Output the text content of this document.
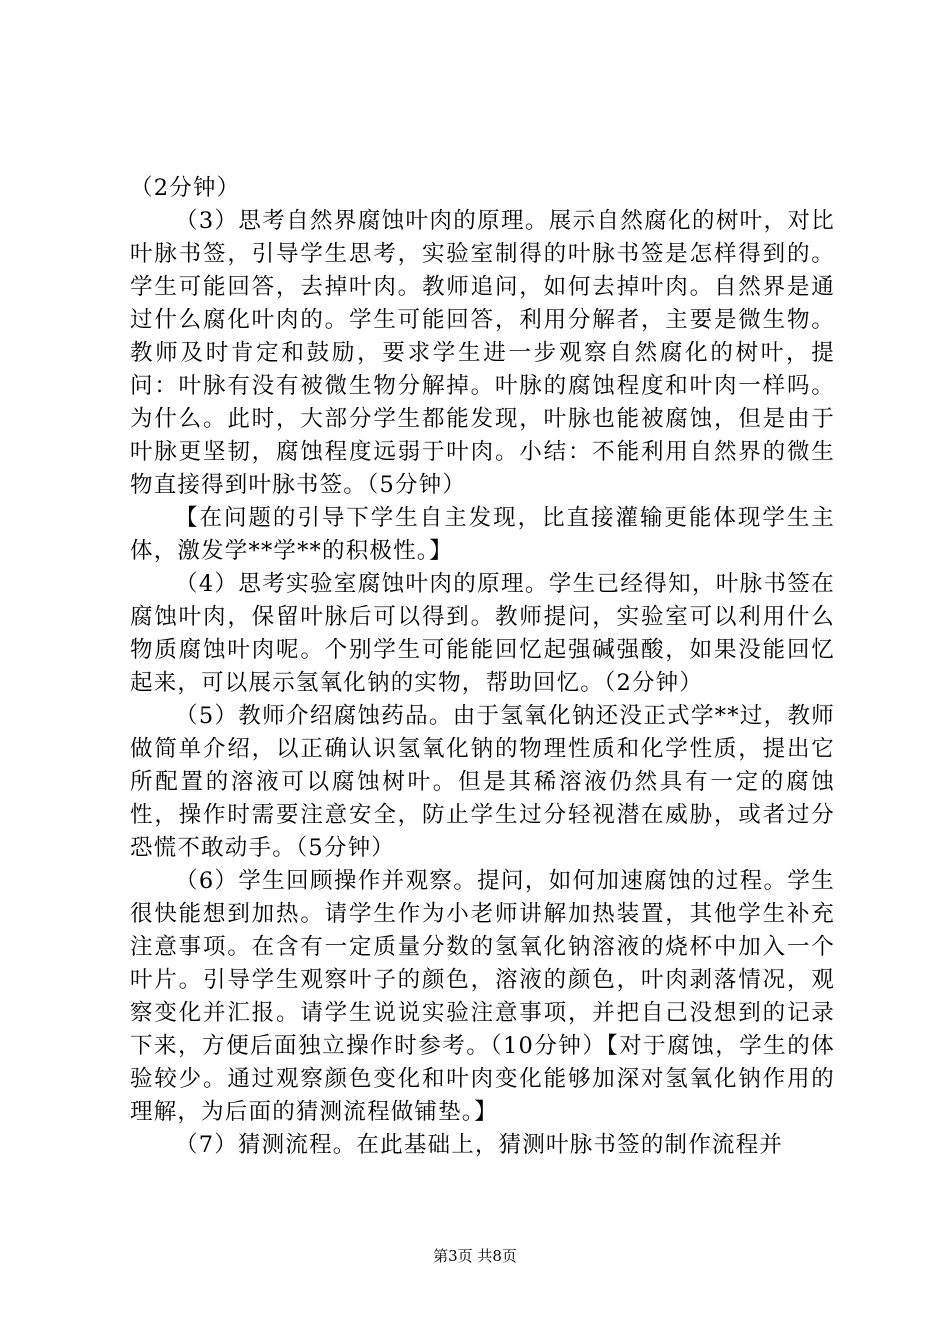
（2分钟）

（3）思考自然界腐蚀叶肉的原理。展示自然腐化的树叶，对比叶脉书签，引导学生思考，实验室制得的叶脉书签是怎样得到的。学生可能回答，去掉叶肉。教师追问，如何去掉叶肉。自然界是通过什么腐化叶肉的。学生可能回答，利用分解者，主要是微生物。教师及时肯定和鼓励，要求学生进一步观察自然腐化的树叶，提问：叶脉有没有被微生物分解掉。叶脉的腐蚀程度和叶肉一样吗。为什么。此时，大部分学生都能发现，叶脉也能被腐蚀，但是由于叶脉更坚韧，腐蚀程度远弱于叶肉。小结：不能利用自然界的微生物直接得到叶脉书签。（5分钟）

【在问题的引导下学生自主发现，比直接灌输更能体现学生主体，激发学**学**的积极性。】

（4）思考实验室腐蚀叶肉的原理。学生已经得知，叶脉书签在腐蚀叶肉，保留叶脉后可以得到。教师提问，实验室可以利用什么物质腐蚀叶肉呢。个别学生可能能回忆起强碱强酸，如果没能回忆起来，可以展示氢氧化钠的实物，帮助回忆。（2分钟）

（5）教师介绍腐蚀药品。由于氢氧化钠还没正式学**过，教师做简单介绍，以正确认识氢氧化钠的物理性质和化学性质，提出它所配置的溶液可以腐蚀树叶。但是其稀溶液仍然具有一定的腐蚀性，操作时需要注意安全，防止学生过分轻视潜在威胁，或者过分恐慌不敢动手。（5分钟）

（6）学生回顾操作并观察。提问，如何加速腐蚀的过程。学生很快能想到加热。请学生作为小老师讲解加热装置，其他学生补充注意事项。在含有一定质量分数的氢氧化钠溶液的烧杯中加入一个叶片。引导学生观察叶子的颜色，溶液的颜色，叶肉剥落情况，观察变化并汇报。请学生说说实验注意事项，并把自己没想到的记录下来，方便后面独立操作时参考。（10分钟）【对于腐蚀，学生的体验较少。通过观察颜色变化和叶肉变化能够加深对氢氧化钠作用的理解，为后面的猜测流程做铺垫。】

（7）猜测流程。在此基础上，猜测叶脉书签的制作流程并

第3页 共8页
